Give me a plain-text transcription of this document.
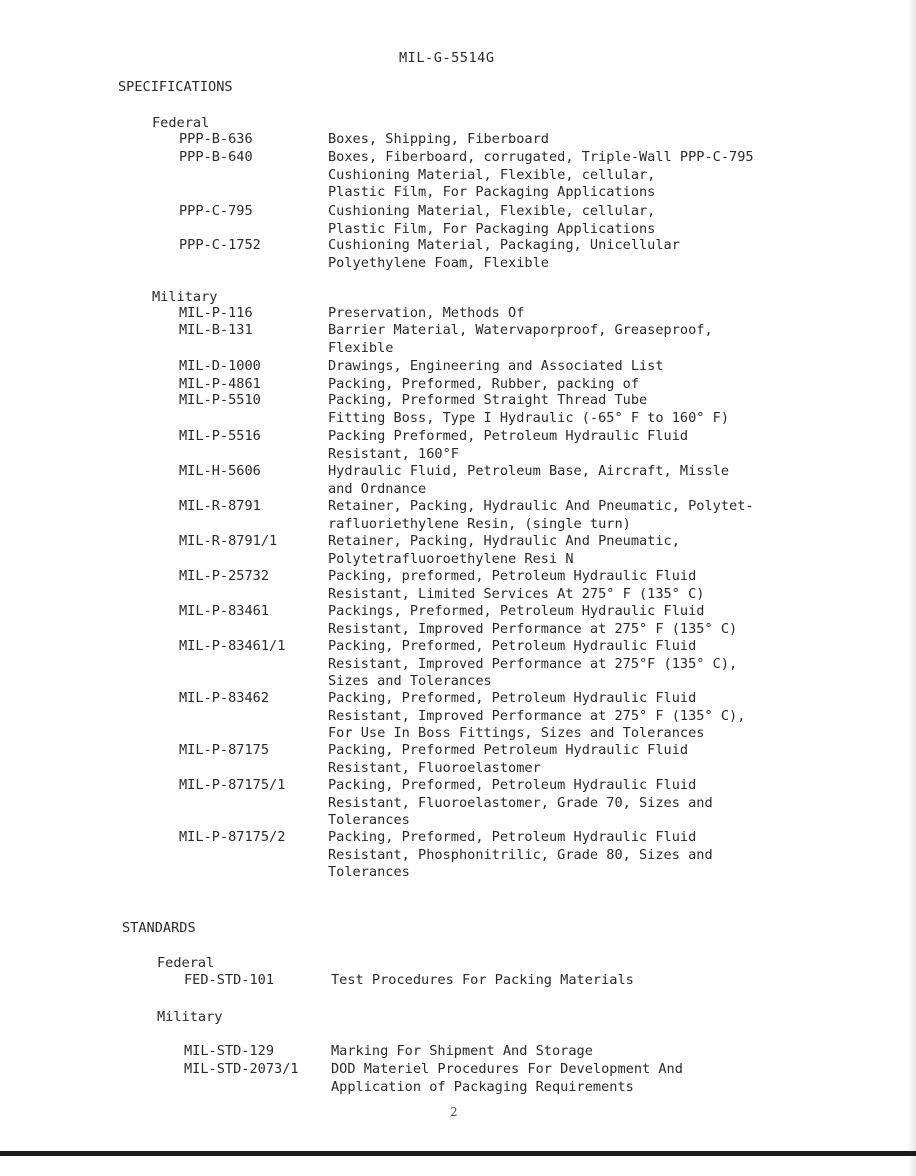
MIL-G-5514G
SPECIFICATIONS
Federal
PPP-B-636	Boxes, Shipping, Fiberboard
PPP-B-640	Boxes, Fiberboard, corrugated, Triple-Wall PPP-C-795
Cushioning Material, Flexible, cellular,
Plastic Film, For Packaging Applications
PPP-C-795	Cushioning Material, Flexible, cellular,
Plastic Film, For Packaging Applications
PPP-C-1752	Cushioning Material, Packaging, Unicellular
Polyethylene Foam, Flexible
Military
MIL-P-116	Preservation, Methods Of
MIL-B-131	Barrier Material, Watervaporproof, Greaseproof,
Flexible
MIL-D-1000	Drawings, Engineering and Associated List
MIL-P-4861	Packing, Preformed, Rubber, packing of
MIL-P-5510	Packing, Preformed Straight Thread Tube
Fitting Boss, Type I Hydraulic (-65° F to 160° F)
MIL-P-5516	Packing Preformed, Petroleum Hydraulic Fluid
Resistant, 160°F
MIL-H-5606	Hydraulic Fluid, Petroleum Base, Aircraft, Missle
and Ordnance
MIL-R-8791	Retainer, Packing, Hydraulic And Pneumatic, Polytet-
rafluoriethylene Resin, (single turn)
MIL-R-8791/1	Retainer, Packing, Hydraulic And Pneumatic,
Polytetrafluoroethylene Resi N
MIL-P-25732	Packing, preformed, Petroleum Hydraulic Fluid
Resistant, Limited Services At 275° F (135° C)
MIL-P-83461	Packings, Preformed, Petroleum Hydraulic Fluid
Resistant, Improved Performance at 275° F (135° C)
MIL-P-83461/1	Packing, Preformed, Petroleum Hydraulic Fluid
Resistant, Improved Performance at 275°F (135° C),
Sizes and Tolerances
MIL-P-83462	Packing, Preformed, Petroleum Hydraulic Fluid
Resistant, Improved Performance at 275° F (135° C),
For Use In Boss Fittings, Sizes and Tolerances
MIL-P-87175	Packing, Preformed Petroleum Hydraulic Fluid
Resistant, Fluoroelastomer
MIL-P-87175/1	Packing, Preformed, Petroleum Hydraulic Fluid
Resistant, Fluoroelastomer, Grade 70, Sizes and
Tolerances
MIL-P-87175/2	Packing, Preformed, Petroleum Hydraulic Fluid
Resistant, Phosphonitrilic, Grade 80, Sizes and
Tolerances
STANDARDS
Federal
FED-STD-101	Test Procedures For Packing Materials
Military
MIL-STD-129	Marking For Shipment And Storage
MIL-STD-2073/1 DOD Materiel Procedures For Development And
Application of Packaging Requirements
2
